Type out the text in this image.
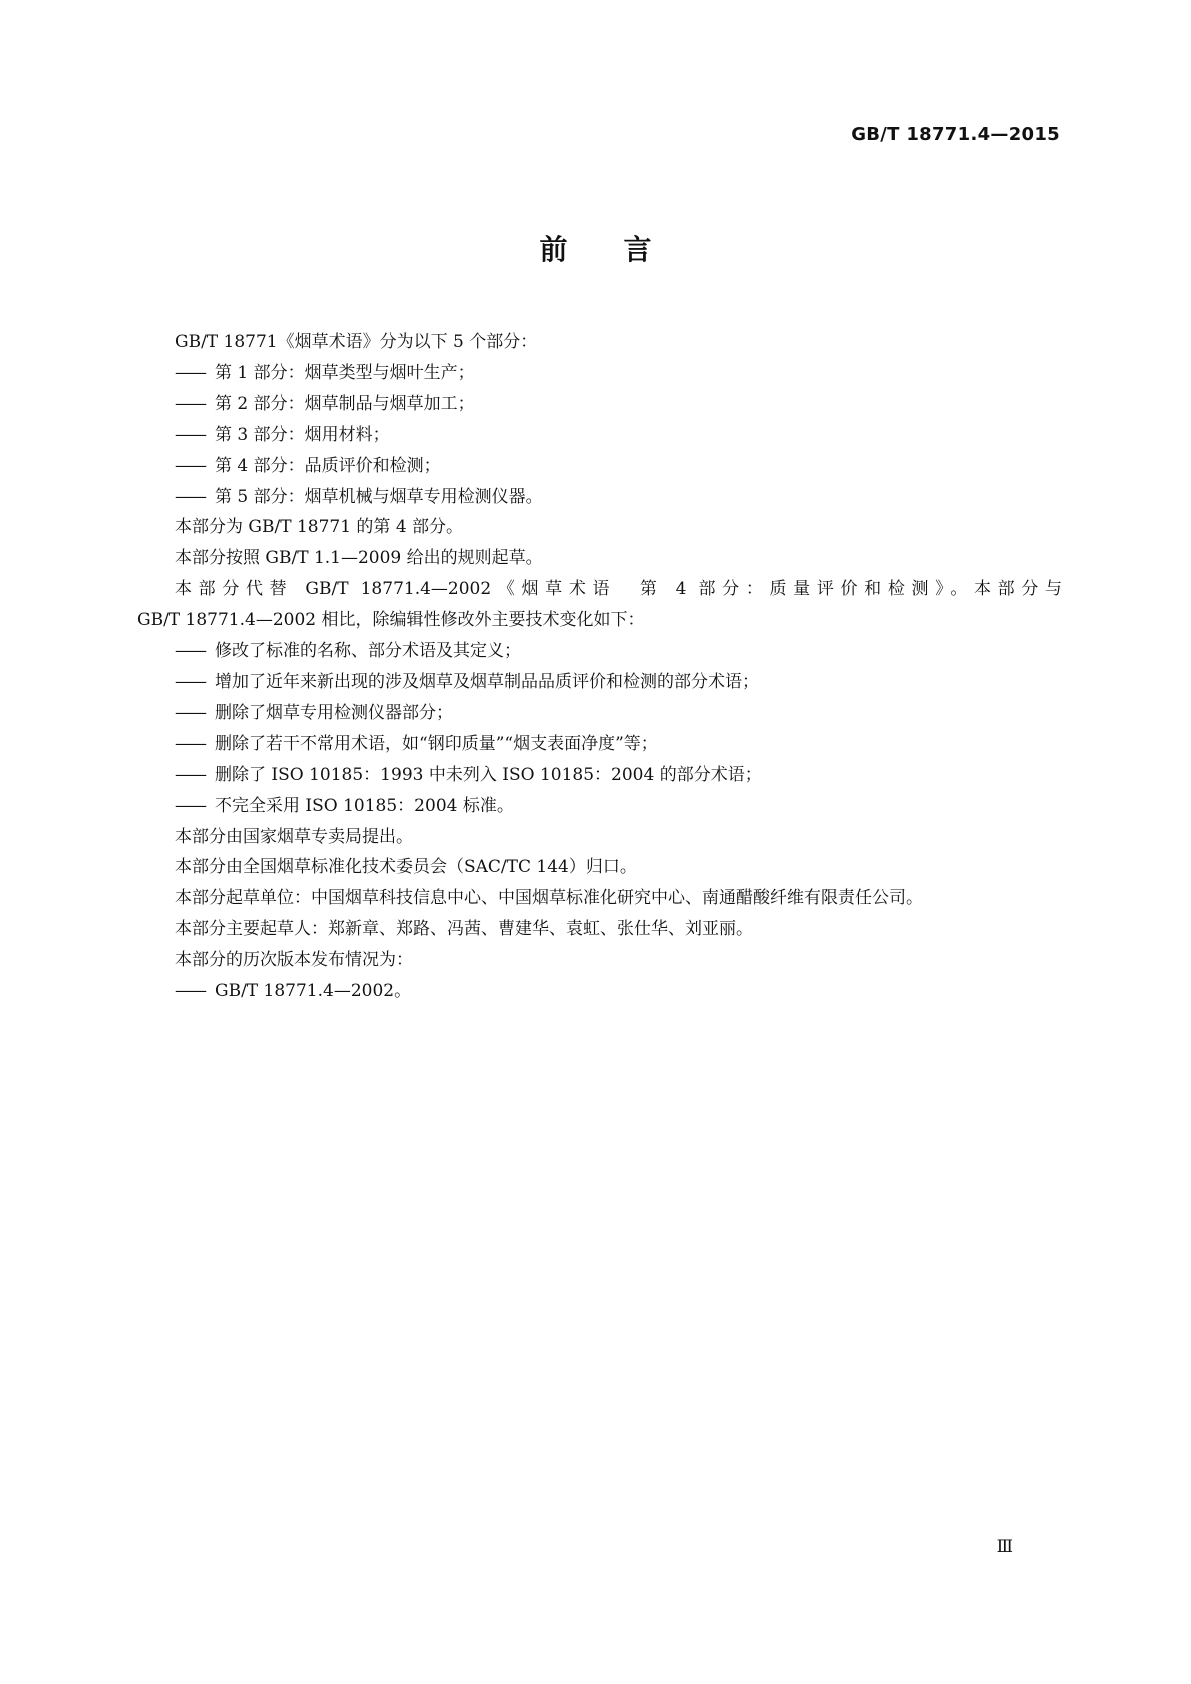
GB/T 18771.4—2015
前言
GB/T 18771《烟草术语》分为以下 5 个部分：
—— 第 1 部分：烟草类型与烟叶生产；
—— 第 2 部分：烟草制品与烟草加工；
—— 第 3 部分：烟用材料；
—— 第 4 部分：品质评价和检测；
—— 第 5 部分：烟草机械与烟草专用检测仪器。
本部分为 GB/T 18771 的第 4 部分。
本部分按照 GB/T 1.1—2009 给出的规则起草。
本部分代替 GB/T 18771.4—2002《烟草术语　第 4 部分：质量评价和检测》。本部分与
GB/T 18771.4—2002 相比，除编辑性修改外主要技术变化如下：
—— 修改了标准的名称、部分术语及其定义；
—— 增加了近年来新出现的涉及烟草及烟草制品品质评价和检测的部分术语；
—— 删除了烟草专用检测仪器部分；
—— 删除了若干不常用术语，如“钢印质量”“烟支表面净度”等；
—— 删除了 ISO 10185：1993 中未列入 ISO 10185：2004 的部分术语；
—— 不完全采用 ISO 10185：2004 标准。
本部分由国家烟草专卖局提出。
本部分由全国烟草标准化技术委员会（SAC/TC 144）归口。
本部分起草单位：中国烟草科技信息中心、中国烟草标准化研究中心、南通醋酸纤维有限责任公司。
本部分主要起草人：郑新章、郑路、冯茜、曹建华、袁虹、张仕华、刘亚丽。
本部分的历次版本发布情况为：
—— GB/T 18771.4—2002。
Ⅲ
